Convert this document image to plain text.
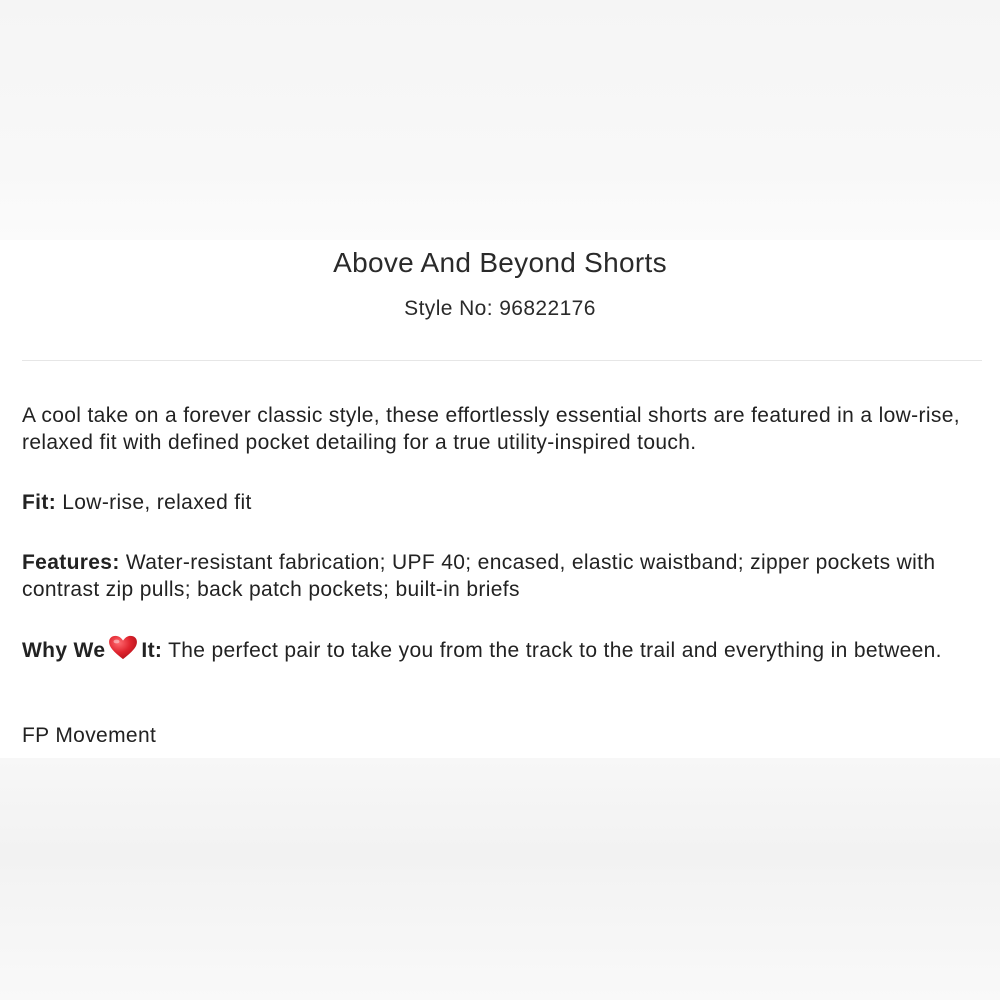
Above And Beyond Shorts
Style No: 96822176

A cool take on a forever classic style, these effortlessly essential shorts are featured in a low-rise, relaxed fit with defined pocket detailing for a true utility-inspired touch.

Fit: Low-rise, relaxed fit

Features: Water-resistant fabrication; UPF 40; encased, elastic waistband; zipper pockets with contrast zip pulls; back patch pockets; built-in briefs

Why We It: The perfect pair to take you from the track to the trail and everything in between.

FP Movement
